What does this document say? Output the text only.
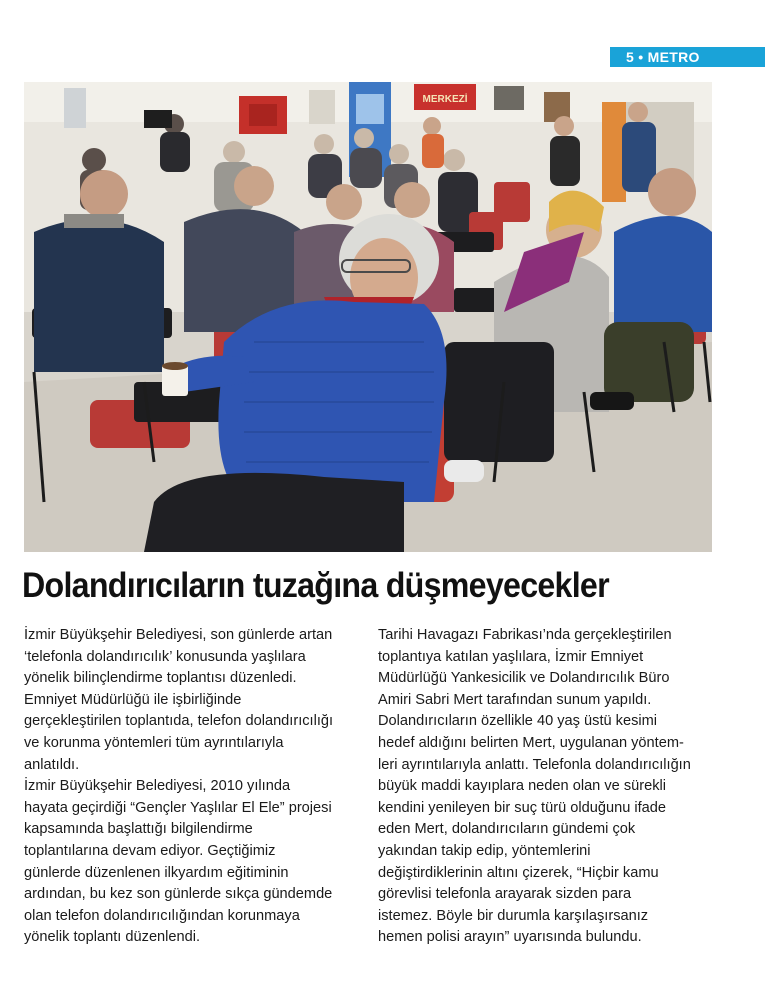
5 • METRO
MERKEZİ
Dolandırıcıların tuzağına düşmeyecekler

İzmir Büyükşehir Belediyesi, son günlerde artan

‘telefonla dolandırıcılık’ konusunda yaşlılara

yönelik bilinçlendirme toplantısı düzenledi.

Emniyet Müdürlüğü ile işbirliğinde

gerçekleştirilen toplantıda, telefon dolandırıcılığı

ve korunma yöntemleri tüm ayrıntılarıyla

anlatıldı.

İzmir Büyükşehir Belediyesi, 2010 yılında

hayata geçirdiği “Gençler Yaşlılar El Ele” projesi

kapsamında başlattığı bilgilendirme

toplantılarına devam ediyor. Geçtiğimiz

günlerde düzenlenen ilkyardım eğitiminin

ardından, bu kez son günlerde sıkça gündemde

olan telefon dolandırıcılığından korunmaya

yönelik toplantı düzenlendi.

Tarihi Havagazı Fabrikası’nda gerçekleştirilen

toplantıya katılan yaşlılara, İzmir Emniyet

Müdürlüğü Yankesicilik ve Dolandırıcılık Büro

Amiri Sabri Mert tarafından sunum yapıldı.

Dolandırıcıların özellikle 40 yaş üstü kesimi

hedef aldığını belirten Mert, uygulanan yöntem-

leri ayrıntılarıyla anlattı. Telefonla dolandırıcılığın

büyük maddi kayıplara neden olan ve sürekli

kendini yenileyen bir suç türü olduğunu ifade

eden Mert, dolandırıcıların gündemi çok

yakından takip edip, yöntemlerini

değiştirdiklerinin altını çizerek, “Hiçbir kamu

görevlisi telefonla arayarak sizden para

istemez. Böyle bir durumla karşılaşırsanız

hemen polisi arayın” uyarısında bulundu.
